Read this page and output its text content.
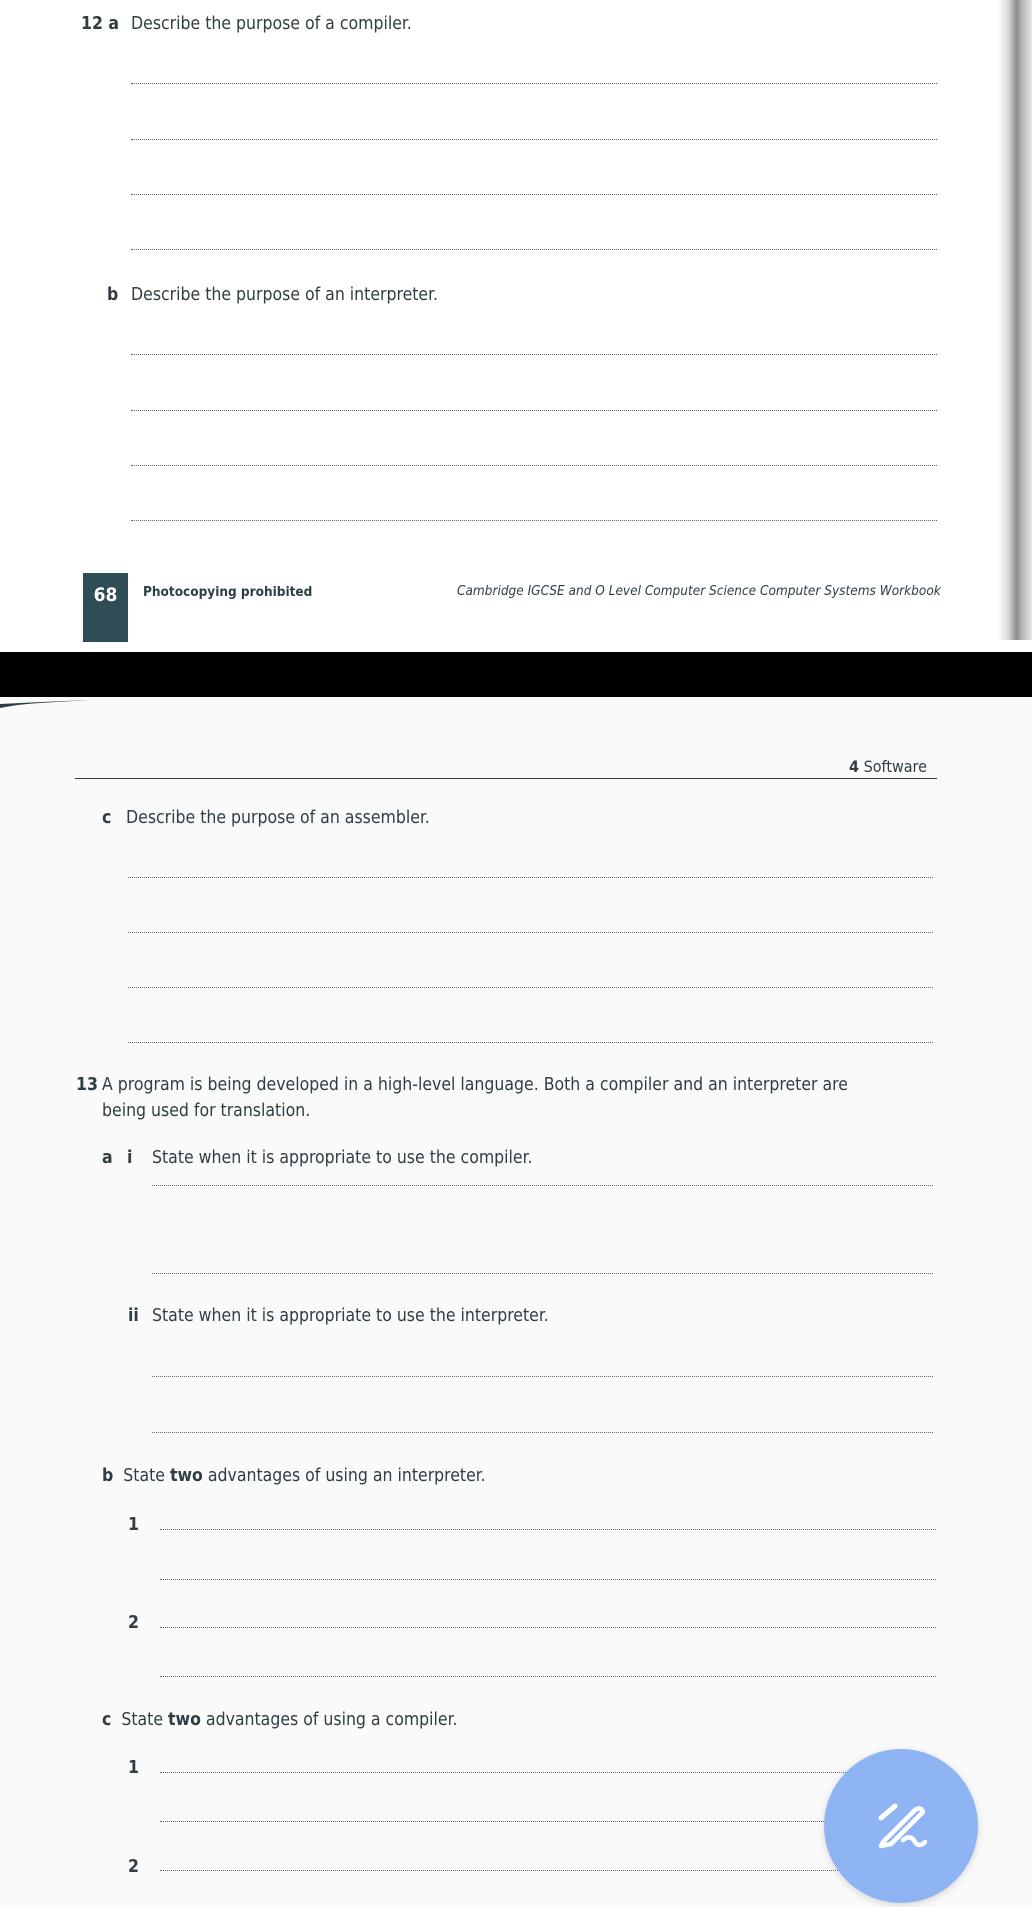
12 a Describe the purpose of a compiler.
b Describe the purpose of an interpreter.
68	Photocopying prohibited	Cambridge IGCSE and O Level Computer Science Computer Systems Workbook
4 Software
c Describe the purpose of an assembler.
13 A program is being developed in a high-level language. Both a compiler and an interpreter are
being used for translation.
a i State when it is appropriate to use the compiler.
ii State when it is appropriate to use the interpreter.
b State two advantages of using an interpreter.
1
2
c State two advantages of using a compiler.
1
2
